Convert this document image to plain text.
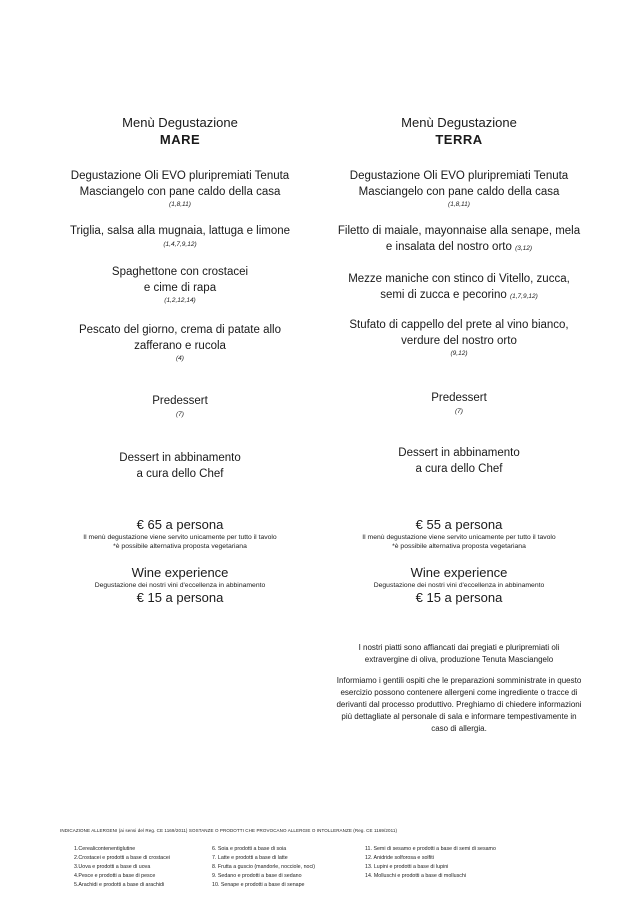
Menù Degustazione
MARE
Degustazione Oli EVO pluripremiati Tenuta
Masciangelo con pane caldo della casa
(1,8,11)
Triglia, salsa alla mugnaia, lattuga e limone
(1,4,7,9,12)
Spaghettone con crostacei
e cime di rapa
(1,2,12,14)
Pescato del giorno, crema di patate allo
zafferano e rucola
(4)
Predessert
(7)
Dessert in abbinamento
a cura dello Chef
€ 65 a persona
Il menù degustazione viene servito unicamente per tutto il tavolo
*è possibile alternativa proposta vegetariana
Wine experience
Degustazione dei nostri vini d'eccellenza in abbinamento
€ 15 a persona
Menù Degustazione
TERRA
Degustazione Oli EVO pluripremiati Tenuta
Masciangelo con pane caldo della casa
(1,8,11)
Filetto di maiale, mayonnaise alla senape, mela
e insalata del nostro orto (3,12)
Mezze maniche con stinco di Vitello, zucca,
semi di zucca e pecorino (1,7,9,12)
Stufato di cappello del prete al vino bianco,
verdure del nostro orto
(9,12)
Predessert
(7)
Dessert in abbinamento
a cura dello Chef
€ 55 a persona
Il menù degustazione viene servito unicamente per tutto il tavolo
*è possibile alternativa proposta vegetariana
Wine experience
Degustazione dei nostri vini d'eccellenza in abbinamento
€ 15 a persona

I nostri piatti sono affiancati dai pregiati e pluripremiati oli extravergine di oliva, produzione Tenuta Masciangelo

Informiamo i gentili ospiti che le preparazioni somministrate in questo esercizio possono contenere allergeni come ingrediente o tracce di derivanti dal processo produttivo. Preghiamo di chiedere informazioni più dettagliate al personale di sala e informare tempestivamente in caso di allergia.

INDICAZIONE ALLERGENI (ai sensi del Reg. CE 1169/2011) SOSTANZE O PRODOTTI CHE PROVOCANO ALLERGIE O INTOLLERANZE (Reg. CE 1169/2011)
1.Cerealicontenentiglutine
2.Crostacei e prodotti a base di crostacei
3.Uova e prodotti a base di uova
4.Pesce e prodotti a base di pesce
5.Arachidi e prodotti a base di arachidi
6. Soia e prodotti a base di soia
7. Latte e prodotti a base di latte
8. Frutta a guscio (mandorle, nocciole, noci)
9. Sedano e prodotti a base di sedano
10. Senape e prodotti a base di senape
11. Semi di sesamo e prodotti a base di semi di sesamo
12. Anidride solforosa e solfiti
13. Lupini e prodotti a base di lupini
14. Molluschi e prodotti a base di molluschi
